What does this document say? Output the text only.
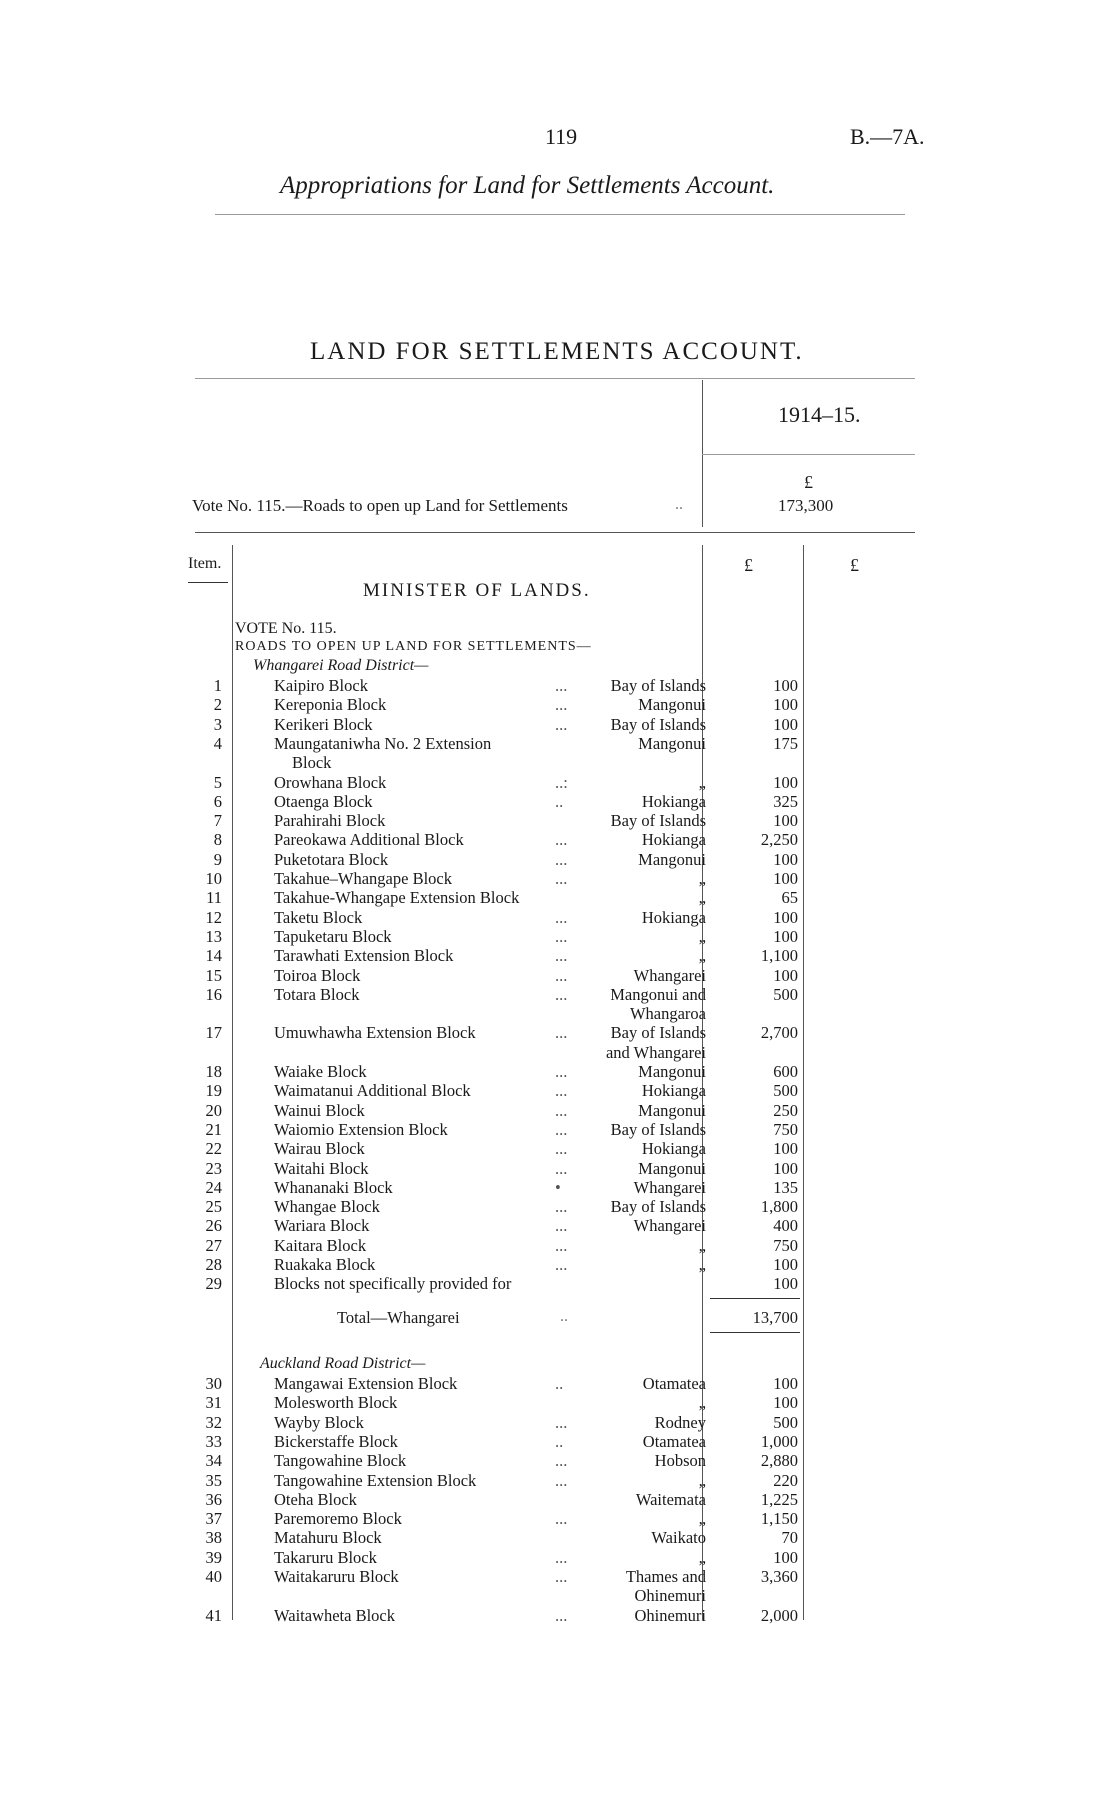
119	B.—7A.
Appropriations for Land for Settlements Account.
LAND FOR SETTLEMENTS ACCOUNT.
1914–15.
£
Vote No. 115.—Roads to open up Land for Settlements	..	173,300
Item.	£	£
MINISTER OF LANDS.
VOTE No. 115.
ROADS TO OPEN UP LAND FOR SETTLEMENTS—
Whangarei Road District—
1	Kaipiro Block	...	Bay of Islands	100
2	Kereponia Block	...	Mangonui	100
3	Kerikeri Block	...	Bay of Islands	100
4	Maungataniwha No. 2 Extension	Mangonui	175
Block
5	Orowhana Block	..:	„	100
6	Otaenga Block	..	Hokianga	325
7	Parahirahi Block	Bay of Islands	100
8	Pareokawa Additional Block	...	Hokianga	2,250
9	Puketotara Block	...	Mangonui	100
10	Takahue–Whangape Block	...	„	100
11	Takahue-Whangape Extension Block	„	65
12	Taketu Block	...	Hokianga	100
13	Tapuketaru Block	...	„	100
14	Tarawhati Extension Block	...	„	1,100
15	Toiroa Block	...	Whangarei	100
16	Totara Block	...	Mangonui and	500
Whangaroa
17	Umuwhawha Extension Block	...	Bay of Islands	2,700
and Whangarei
18	Waiake Block	...	Mangonui	600
19	Waimatanui Additional Block	...	Hokianga	500
20	Wainui Block	...	Mangonui	250
21	Waiomio Extension Block	...	Bay of Islands	750
22	Wairau Block	...	Hokianga	100
23	Waitahi Block	...	Mangonui	100
24	Whananaki Block	•	Whangarei	135
25	Whangae Block	...	Bay of Islands	1,800
26	Wariara Block	...	Whangarei	400
27	Kaitara Block	...	„	750
28	Ruakaka Block	...	„	100
29	Blocks not specifically provided for	100
Total—Whangarei	..	13,700
Auckland Road District—
30	Mangawai Extension Block	..	Otamatea	100
31	Molesworth Block	„	100
32	Wayby Block	...	Rodney	500
33	Bickerstaffe Block	..	Otamatea	1,000
34	Tangowahine Block	...	Hobson	2,880
35	Tangowahine Extension Block	...	„	220
36	Oteha Block	Waitemata	1,225
37	Paremoremo Block	...	„	1,150
38	Matahuru Block	Waikato	70
39	Takaruru Block	...	„	100
40	Waitakaruru Block	...	Thames and	3,360
Ohinemuri
41	Waitawheta Block	...	Ohinemuri	2,000
